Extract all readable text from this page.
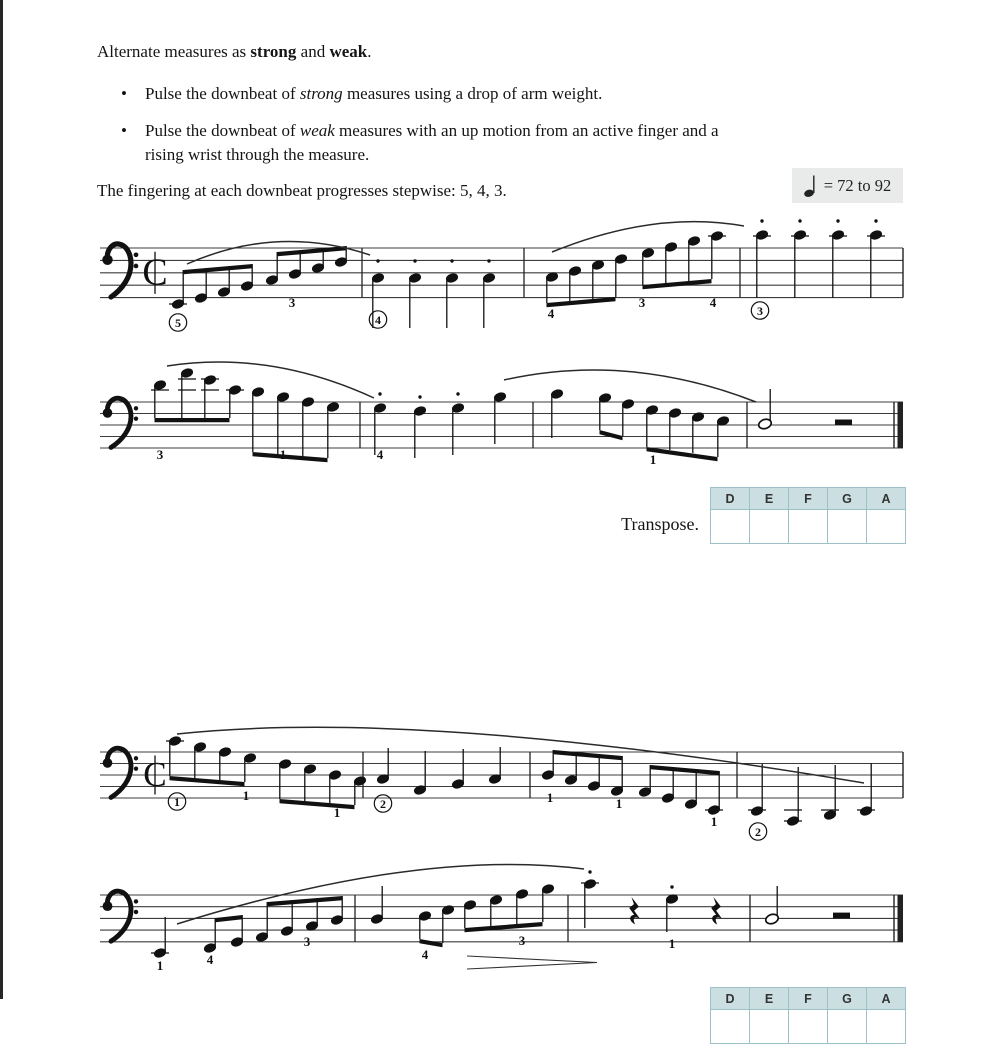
Alternate measures as strong and weak.
•	Pulse the downbeat of strong measures using a drop of arm weight.
•	Pulse the downbeat of weak measures with an up motion from an active finger and a rising wrist through the measure.
The fingering at each downbeat progresses stepwise: 5, 4, 3.	= 72 to 92
C
5
3
4	4
3	4
3
3	1	4	1
C
1	1
1
2	1	1
1
2
1	4
3
4
3	1
Transpose.
D	E	F	G	A
D	E	F	G	A
